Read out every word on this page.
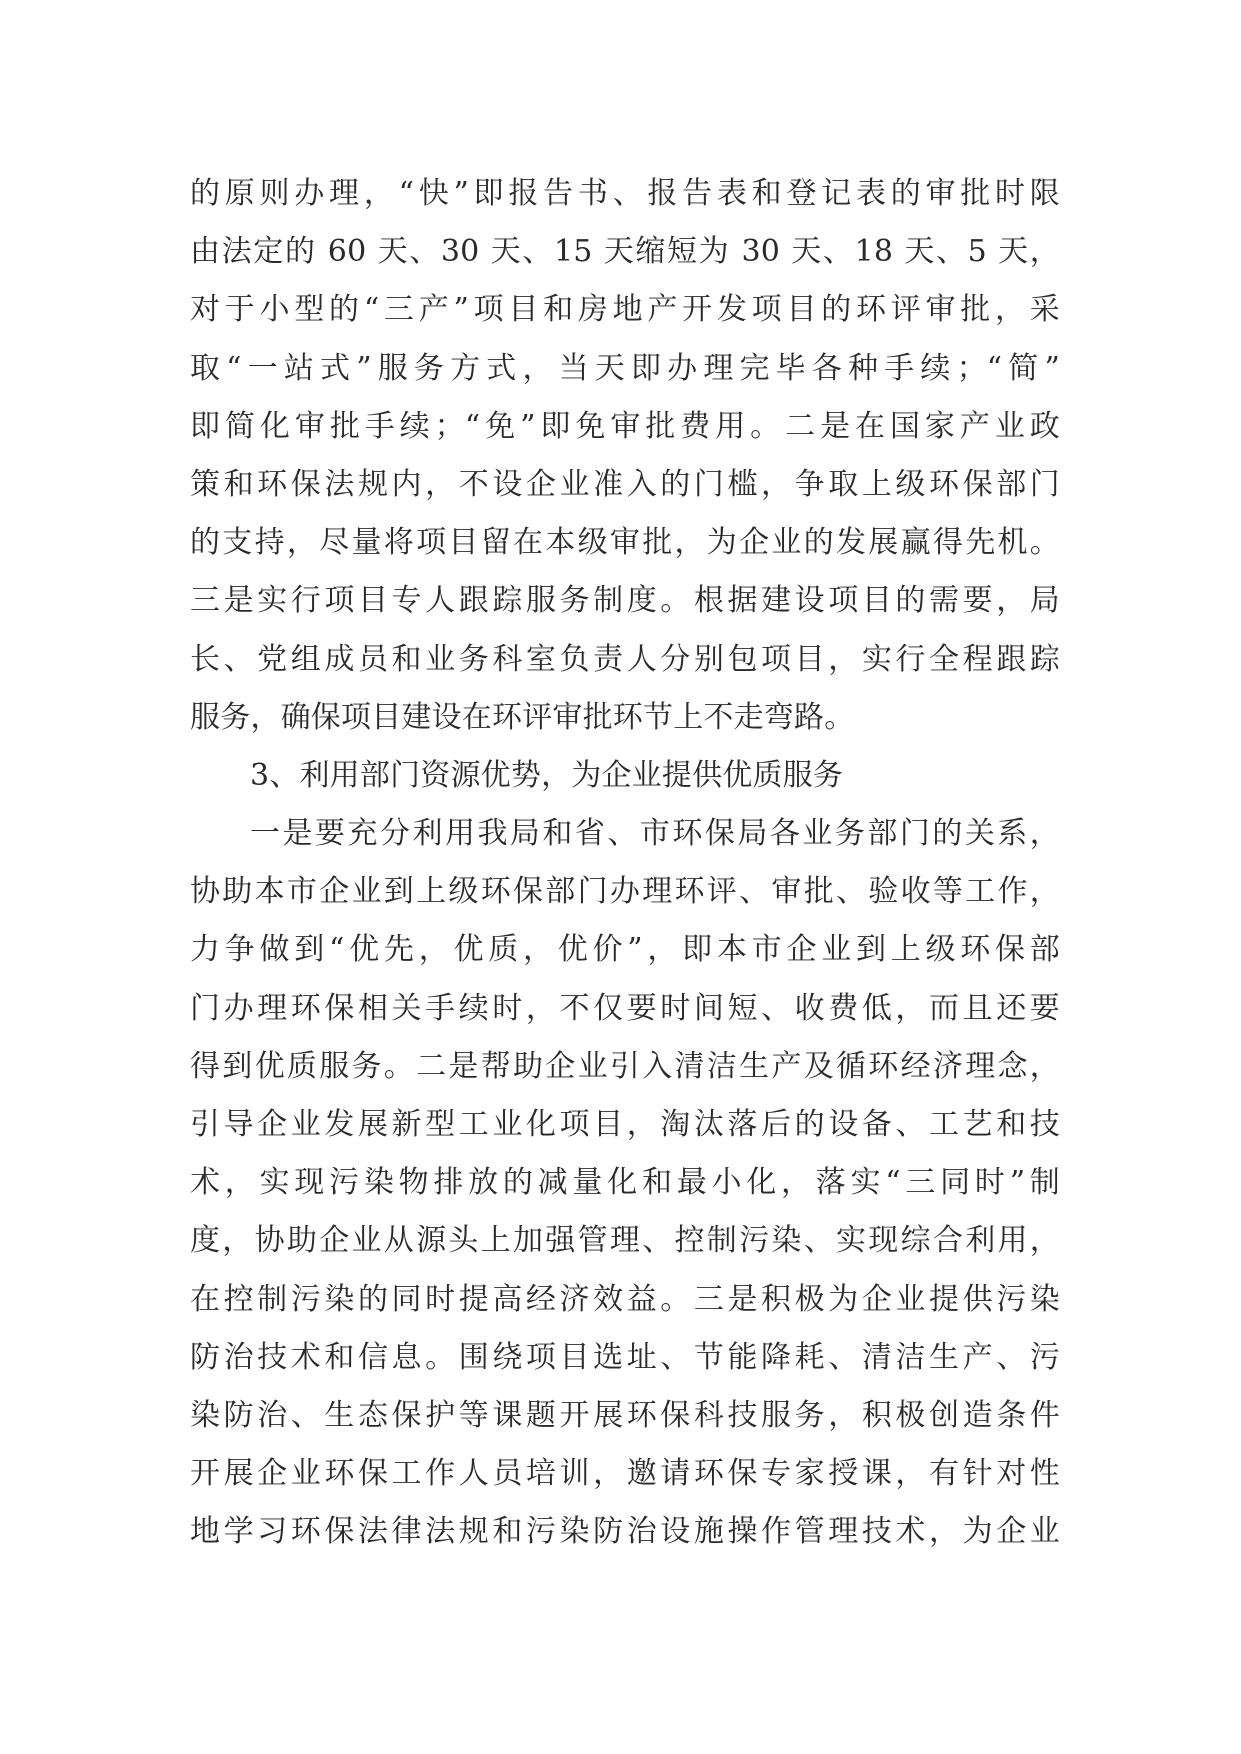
的原则办理，“快”即报告书、报告表和登记表的审批时限
由法定的 60 天、30 天、15 天缩短为 30 天、18 天、5 天，
对于小型的“三产”项目和房地产开发项目的环评审批，采
取“一站式”服务方式，当天即办理完毕各种手续；“简”
即简化审批手续；“免”即免审批费用。二是在国家产业政
策和环保法规内，不设企业准入的门槛，争取上级环保部门
的支持，尽量将项目留在本级审批，为企业的发展赢得先机。
三是实行项目专人跟踪服务制度。根据建设项目的需要，局
长、党组成员和业务科室负责人分别包项目，实行全程跟踪
服务，确保项目建设在环评审批环节上不走弯路。
3、利用部门资源优势，为企业提供优质服务
一是要充分利用我局和省、市环保局各业务部门的关系，
协助本市企业到上级环保部门办理环评、审批、验收等工作，
力争做到“优先，优质，优价”，即本市企业到上级环保部
门办理环保相关手续时，不仅要时间短、收费低，而且还要
得到优质服务。二是帮助企业引入清洁生产及循环经济理念，
引导企业发展新型工业化项目，淘汰落后的设备、工艺和技
术，实现污染物排放的减量化和最小化，落实“三同时”制
度，协助企业从源头上加强管理、控制污染、实现综合利用，
在控制污染的同时提高经济效益。三是积极为企业提供污染
防治技术和信息。围绕项目选址、节能降耗、清洁生产、污
染防治、生态保护等课题开展环保科技服务，积极创造条件
开展企业环保工作人员培训，邀请环保专家授课，有针对性
地学习环保法律法规和污染防治设施操作管理技术，为企业
